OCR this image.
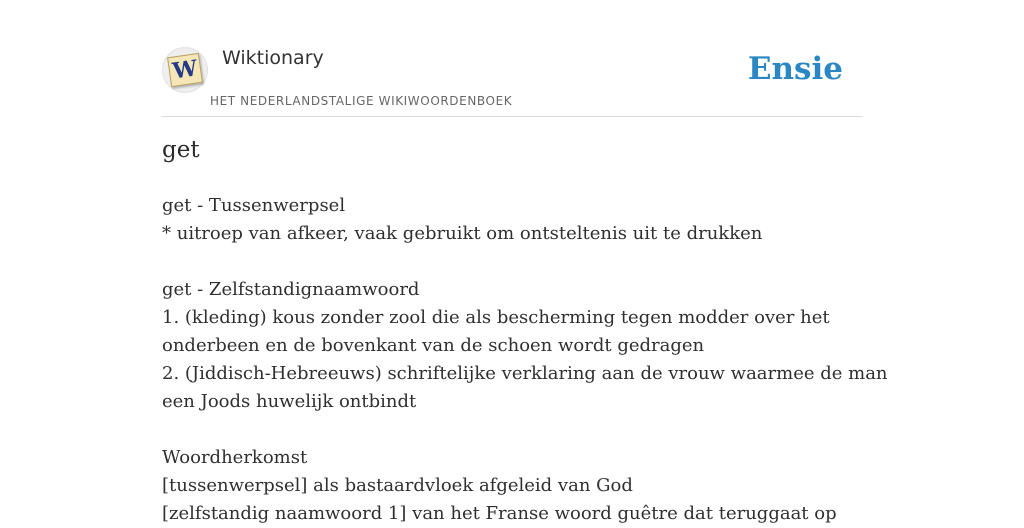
W Wiktionary
HET NEDERLANDSTALIGE WIKIWOORDENBOEK
Ensie
get
get - Tussenwerpsel
* uitroep van afkeer, vaak gebruikt om ontsteltenis uit te drukken
get - Zelfstandignaamwoord
1. (kleding) kous zonder zool die als bescherming tegen modder over het
onderbeen en de bovenkant van de schoen wordt gedragen
2. (Jiddisch-Hebreeuws) schriftelijke verklaring aan de vrouw waarmee de man
een Joods huwelijk ontbindt
Woordherkomst
[tussenwerpsel] als bastaardvloek afgeleid van God
[zelfstandig naamwoord 1] van het Franse woord guêtre dat teruggaat op
